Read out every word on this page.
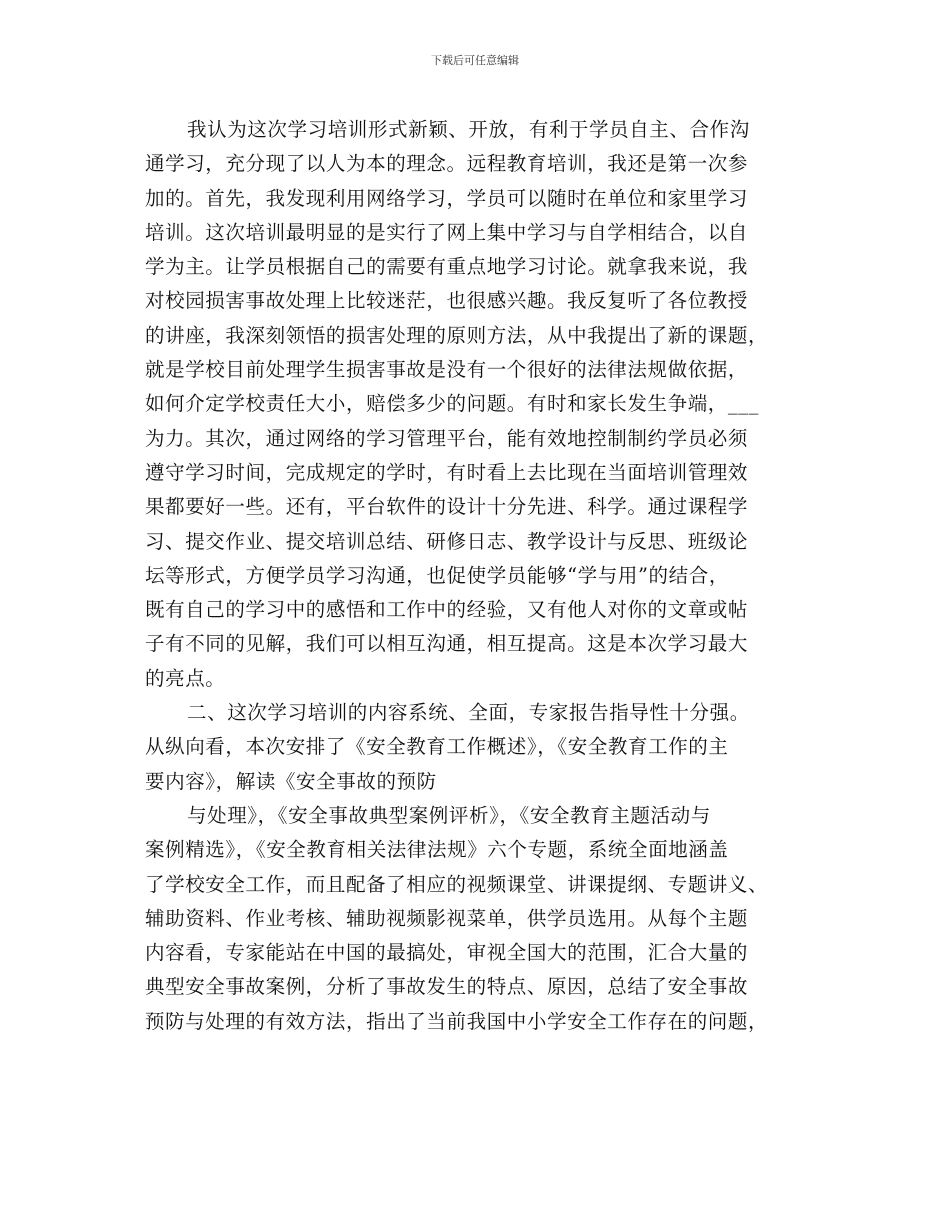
下载后可任意编辑
我认为这次学习培训形式新颖、开放，有利于学员自主、合作沟
通学习，充分现了以人为本的理念。远程教育培训，我还是第一次参
加的。首先，我发现利用网络学习，学员可以随时在单位和家里学习
培训。这次培训最明显的是实行了网上集中学习与自学相结合，以自
学为主。让学员根据自己的需要有重点地学习讨论。就拿我来说，我
对校园损害事故处理上比较迷茫，也很感兴趣。我反复听了各位教授
的讲座，我深刻领悟的损害处理的原则方法，从中我提出了新的课题，
就是学校目前处理学生损害事故是没有一个很好的法律法规做依据，
如何介定学校责任大小，赔偿多少的问题。有时和家长发生争端，___
为力。其次，通过网络的学习管理平台，能有效地控制制约学员必须
遵守学习时间，完成规定的学时，有时看上去比现在当面培训管理效
果都要好一些。还有，平台软件的设计十分先进、科学。通过课程学
习、提交作业、提交培训总结、研修日志、教学设计与反思、班级论
坛等形式，方便学员学习沟通，也促使学员能够“学与用”的结合，
既有自己的学习中的感悟和工作中的经验，又有他人对你的文章或帖
子有不同的见解，我们可以相互沟通，相互提高。这是本次学习最大
的亮点。
二、这次学习培训的内容系统、全面，专家报告指导性十分强。
从纵向看，本次安排了《安全教育工作概述》，《安全教育工作的主
要内容》，解读《安全事故的预防
与处理》，《安全事故典型案例评析》，《安全教育主题活动与
案例精选》，《安全教育相关法律法规》六个专题，系统全面地涵盖
了学校安全工作，而且配备了相应的视频课堂、讲课提纲、专题讲义、
辅助资料、作业考核、辅助视频影视菜单，供学员选用。从每个主题
内容看，专家能站在中国的最搞处，审视全国大的范围，汇合大量的
典型安全事故案例，分析了事故发生的特点、原因，总结了安全事故
预防与处理的有效方法，指出了当前我国中小学安全工作存在的问题，
